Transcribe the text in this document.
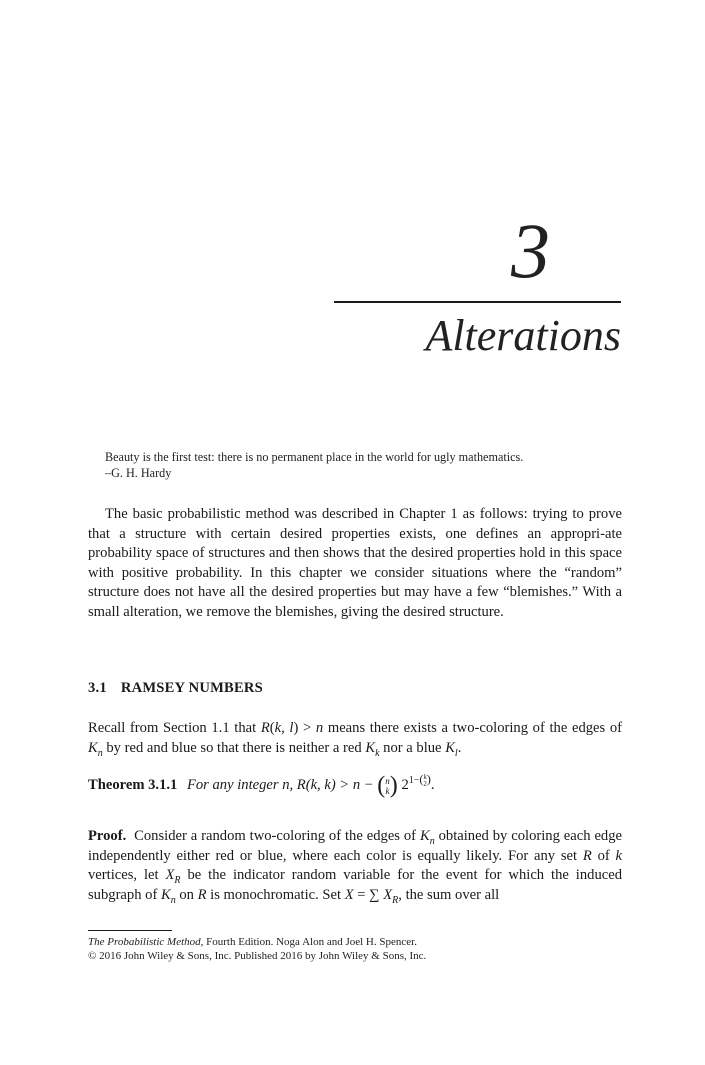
3
Alterations
Beauty is the first test: there is no permanent place in the world for ugly mathematics.
–G. H. Hardy
The basic probabilistic method was described in Chapter 1 as follows: trying to prove that a structure with certain desired properties exists, one defines an appropri-ate probability space of structures and then shows that the desired properties hold in this space with positive probability. In this chapter we consider situations where the “random” structure does not have all the desired properties but may have a few “blemishes.” With a small alteration, we remove the blemishes, giving the desired structure.
3.1 RAMSEY NUMBERS
Recall from Section 1.1 that R(k, l) > n means there exists a two-coloring of the edges of $K_n$ by red and blue so that there is neither a red $K_k$ nor a blue $K_l$.
Theorem 3.1.1 For any integer n, R(k, k) > n − (n
k) $2^{1-(k 2)}$.
Proof. Consider a random two-coloring of the edges of $K_n$ obtained by coloring each edge independently either red or blue, where each color is equally likely. For any set R of k vertices, let $X_R$ be the indicator random variable for the event for which the induced subgraph of $K_n$ on R is monochromatic. Set X = ∑ $X_R$, the sum over all
The Probabilistic Method, Fourth Edition. Noga Alon and Joel H. Spencer.
© 2016 John Wiley & Sons, Inc. Published 2016 by John Wiley & Sons, Inc.
